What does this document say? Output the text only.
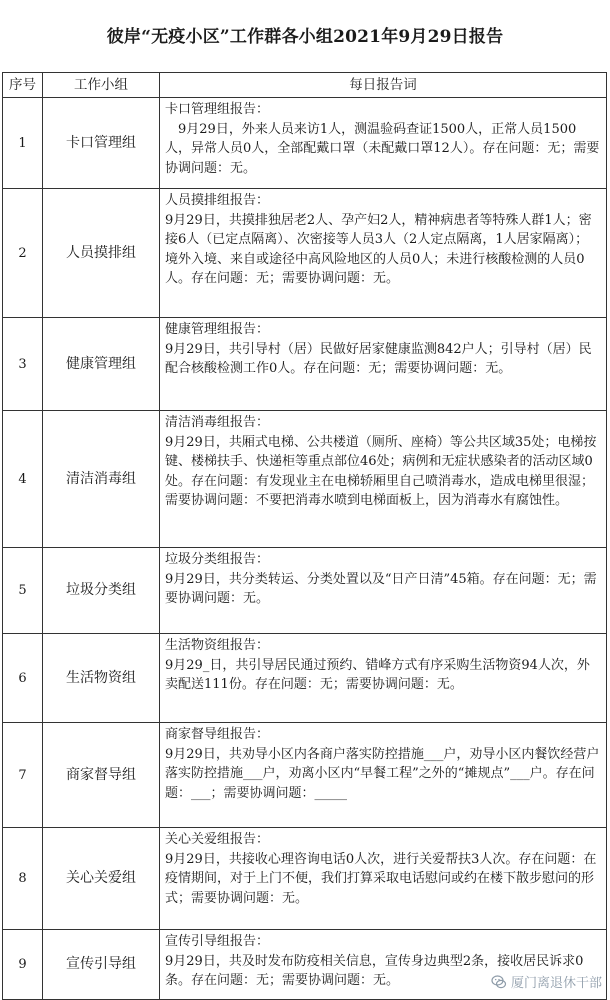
彼岸“无疫小区”工作群各小组2021年9月29日报告
序号	工作小组	每日报告词
1	卡口管理组	卡口管理组报告：
9月29日，外来人员来访1人，测温验码查证1500人，正常人员1500人，异常人员0人，全部配戴口罩（未配戴口罩12人）。存在问题：无；需要协调问题：无。

2	人员摸排组	人员摸排组报告：
9月29日，共摸排独居老2人、孕产妇2人，精神病患者等特殊人群1人；密接6人（已定点隔离）、次密接等人员3人（2人定点隔离，1人居家隔离）；境外入境、来自或途径中高风险地区的人员0人；未进行核酸检测的人员0人。存在问题：无；需要协调问题：无。

3	健康管理组	健康管理组报告：
9月29日，共引导村（居）民做好居家健康监测842户人；引导村（居）民配合核酸检测工作0人。存在问题：无；需要协调问题：无。

4	清洁消毒组	清洁消毒组报告：
9月29日，共厢式电梯、公共楼道（厕所、座椅）等公共区域35处；电梯按键、楼梯扶手、快递柜等重点部位46处；病例和无症状感染者的活动区域0处。存在问题：有发现业主在电梯轿厢里自己喷消毒水，造成电梯里很湿；需要协调问题：不要把消毒水喷到电梯面板上，因为消毒水有腐蚀性。

5	垃圾分类组	垃圾分类组报告：
9月29日，共分类转运、分类处置以及“日产日清”45箱。存在问题：无；需要协调问题：无。

6	生活物资组	生活物资组报告：
9月29_日，共引导居民通过预约、错峰方式有序采购生活物资94人次，外卖配送111份。存在问题：无；需要协调问题：无。

7	商家督导组	商家督导组报告：
9月29日，共劝导小区内各商户落实防控措施___户，劝导小区内餐饮经营户落实防控措施___户，劝离小区内“早餐工程”之外的“摊规点”___户。存在问题：___；需要协调问题：_____

8	关心关爱组	关心关爱组报告：
9月29日，共接收心理咨询电话0人次，进行关爱帮扶3人次。存在问题：在疫情期间，对于上门不便，我们打算采取电话慰问或约在楼下散步慰问的形式；需要协调问题：无。

9	宣传引导组	宣传引导组报告：
9月29日，共及时发布防疫相关信息，宣传身边典型2条，接收居民诉求0条。存在问题：无；需要协调问题：无。	厦门离退休干部
